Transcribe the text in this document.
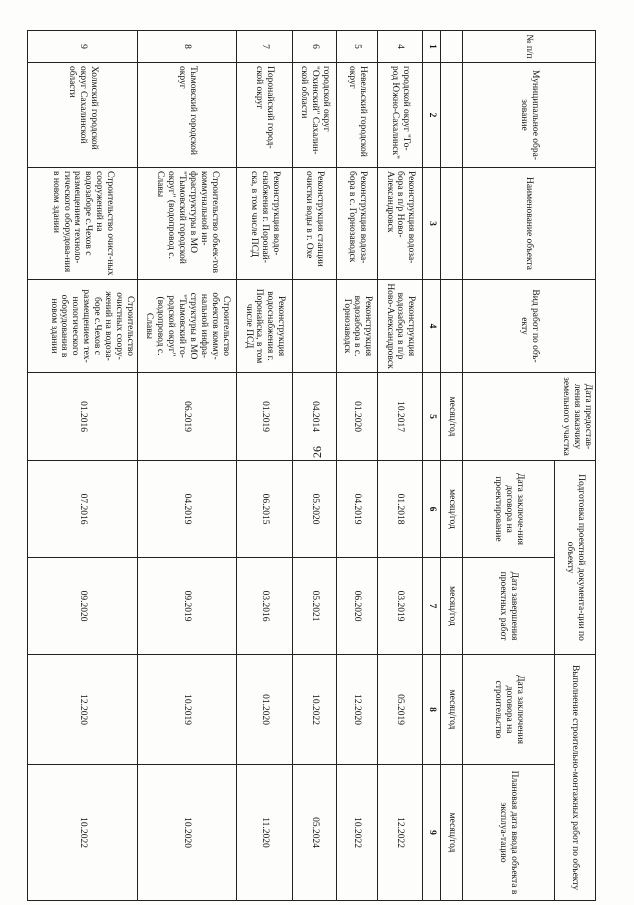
26
№ п/п	Муниципальное обра-зование	Наименование объекта	Вид работ по объ-екту	Дата предостав-ления заказчику земельного участка	Подготовка проектной документа-ции по объекту		Выполнение строительно-монтажных работ по объекту	
					Дата заключе-ния договора на проектирование	Дата завершения проектных работ	Дата заключения договора на строительство	Плановая дата ввода объекта в эксплуа-тацию
				месяц/год	месяц/год	месяц/год	месяц/год	месяц/год
1	2	3	4	5	6	7	8	9
4	городской округ "Го-род Южно-Сахалинск"	Реконструкция водоза-бора в п/р Ново-Александровск	Реконструкция водозабора в п/р Ново-Александровск	10.2017	01.2018	03.2019	05.2019	12.2022
5	Невельский городской округ	Реконструкция водоза-бора в с. Горнозаводск	Реконструкция водозабора в с. Горнозаводск	01.2020	04.2019	06.2020	12.2020	10.2022
6	городской округ "Охинский" Сахалин-ской области	Реконструкция станции очистки воды в г. Охе		04.2014	05.2020	05.2021	10.2022	05.2024
7	Поронайский город-ской округ	Реконструкция водо-снабжения г. Поронай-ска, в том числе ПСД	Реконструкция водоснабжения г. Поронайска, в том числе ПСД	01.2019	06.2015	03.2016	01.2020	11.2020
8	Тымовский городской округ	Строительство объек-тов коммунальной ин-фраструктуры в МО "Тымовский городской округ" (водопровод с. Славы	Строительство объектов комму-нальной инфра-структуры в МО "Тымовский го-родской округ" (водопровод с. Славы	06.2019	04.2019	09.2019	10.2019	10.2020
9	Холмский городской округ Сахалинской области	Строительство очист-ных сооружений на водозаборе с.Чехов с размещением техноло-гического оборудова-ния в новом здании	Строительство очистных соору-жений на водоза-боре с.Чехов с размещением тех-нологического оборудования в новом здании	01.2016	07.2016	09.2020	12.2020	10.2022
